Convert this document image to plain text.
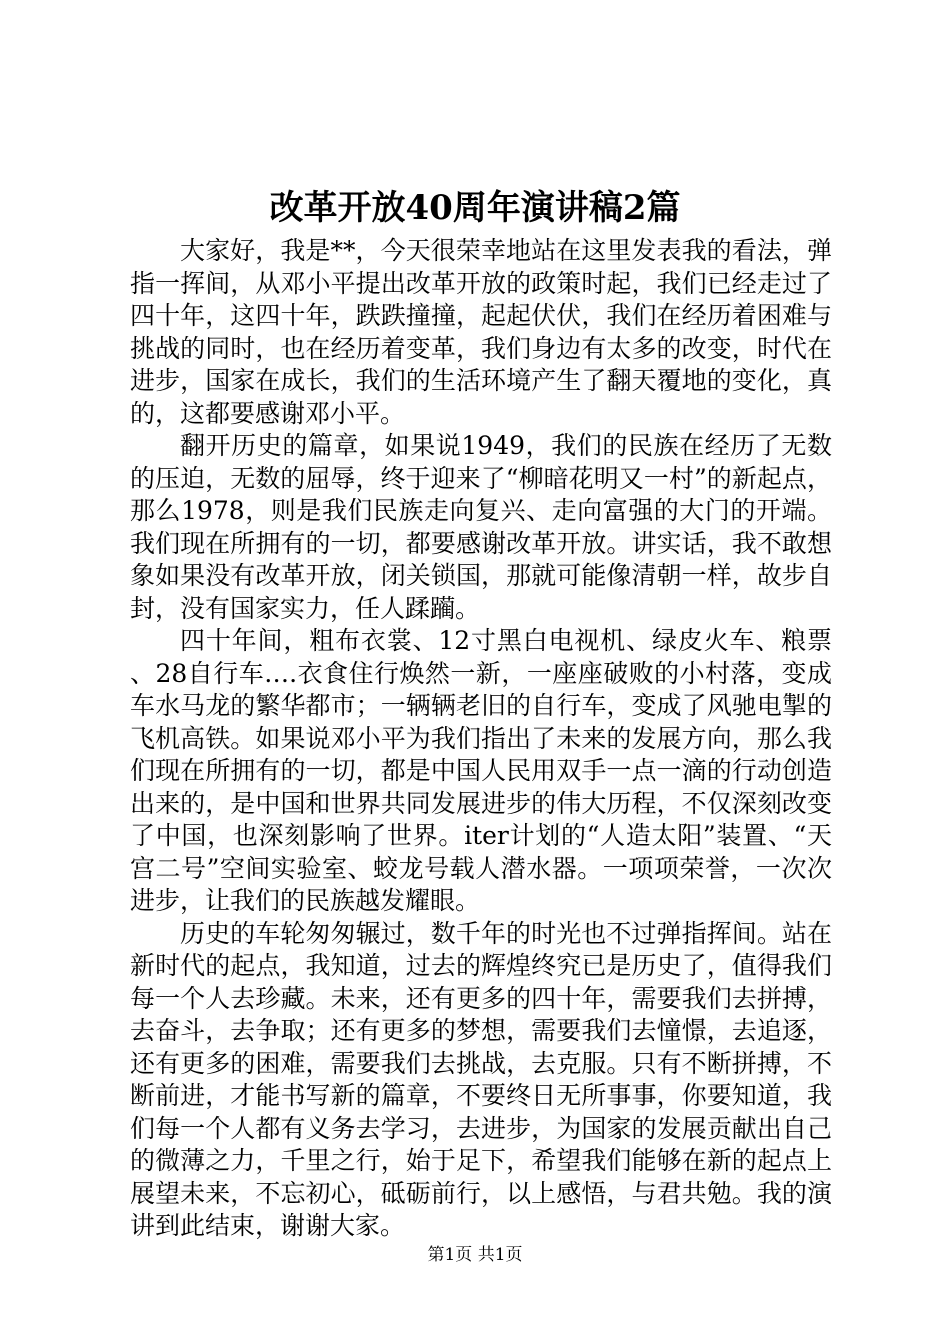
改革开放40周年演讲稿2篇

大家好，我是**，今天很荣幸地站在这里发表我的看法，弹指一挥间，从邓小平提出改革开放的政策时起，我们已经走过了四十年，这四十年，跌跌撞撞，起起伏伏，我们在经历着困难与挑战的同时，也在经历着变革，我们身边有太多的改变，时代在进步，国家在成长，我们的生活环境产生了翻天覆地的变化，真的，这都要感谢邓小平。

翻开历史的篇章，如果说1949，我们的民族在经历了无数的压迫，无数的屈辱，终于迎来了“柳暗花明又一村”的新起点，那么1978，则是我们民族走向复兴、走向富强的大门的开端。我们现在所拥有的一切，都要感谢改革开放。讲实话，我不敢想象如果没有改革开放，闭关锁国，那就可能像清朝一样，故步自封，没有国家实力，任人蹂躏。

四十年间，粗布衣裳、12寸黑白电视机、绿皮火车、粮票、28自行车….衣食住行焕然一新，一座座破败的小村落，变成车水马龙的繁华都市；一辆辆老旧的自行车，变成了风驰电掣的飞机高铁。如果说邓小平为我们指出了未来的发展方向，那么我们现在所拥有的一切，都是中国人民用双手一点一滴的行动创造出来的，是中国和世界共同发展进步的伟大历程，不仅深刻改变了中国，也深刻影响了世界。iter计划的“人造太阳”装置、“天宫二号”空间实验室、蛟龙号载人潜水器。一项项荣誉，一次次进步，让我们的民族越发耀眼。

历史的车轮匆匆辗过，数千年的时光也不过弹指挥间。站在新时代的起点，我知道，过去的辉煌终究已是历史了，值得我们每一个人去珍藏。未来，还有更多的四十年，需要我们去拼搏，去奋斗，去争取；还有更多的梦想，需要我们去憧憬，去追逐，还有更多的困难，需要我们去挑战，去克服。只有不断拼搏，不断前进，才能书写新的篇章，不要终日无所事事，你要知道，我们每一个人都有义务去学习，去进步，为国家的发展贡献出自己的微薄之力，千里之行，始于足下，希望我们能够在新的起点上展望未来，不忘初心，砥砺前行，以上感悟，与君共勉。我的演讲到此结束，谢谢大家。

第1页 共1页
